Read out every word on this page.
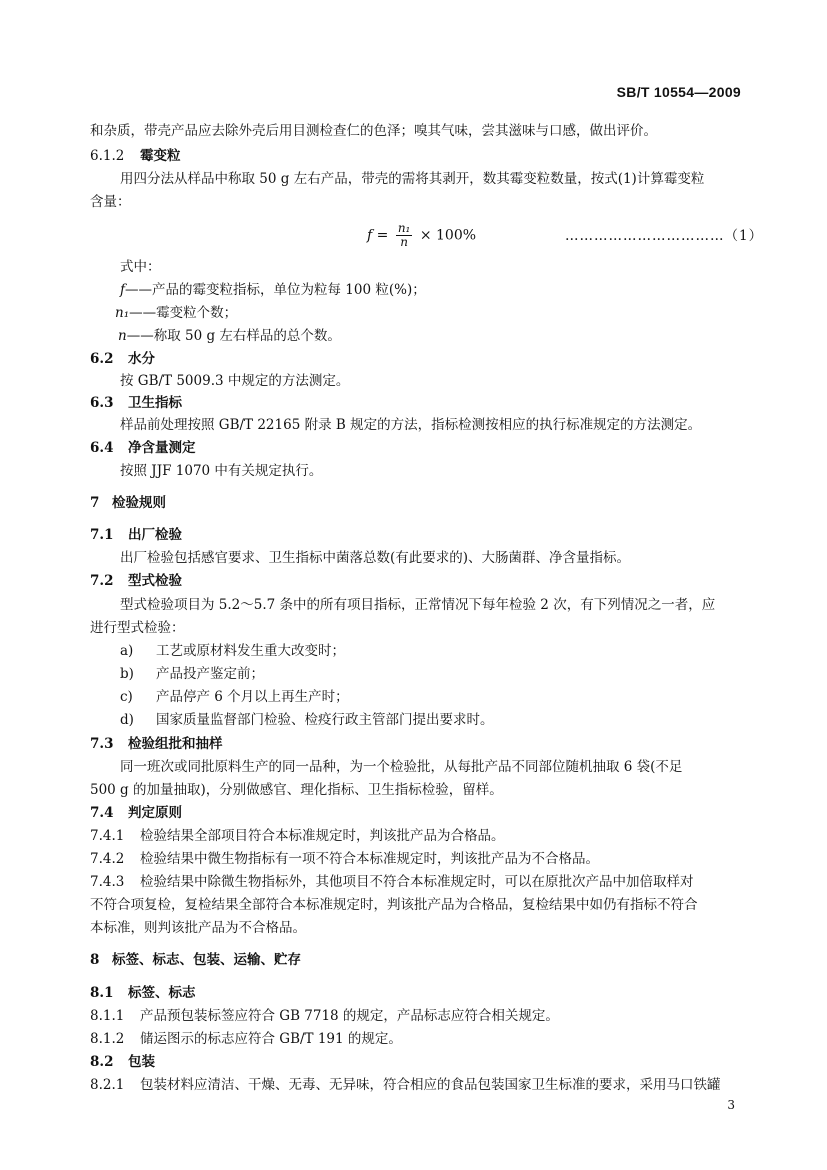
SB/T 10554—2009
和杂质，带壳产品应去除外壳后用目测检查仁的色泽；嗅其气味，尝其滋味与口感，做出评价。
6.1.2 霉变粒
用四分法从样品中称取 50 g 左右产品，带壳的需将其剥开，数其霉变粒数量，按式(1)计算霉变粒
含量：
$f = \frac{\text{n₁}}{n} \times 100\%$	……………………………（1）
式中：
f——产品的霉变粒指标，单位为粒每 100 粒(%)；
n₁——霉变粒个数；
n——称取 50 g 左右样品的总个数。
6.2 水分
按 GB/T 5009.3 中规定的方法测定。
6.3 卫生指标
样品前处理按照 GB/T 22165 附录 B 规定的方法，指标检测按相应的执行标准规定的方法测定。
6.4 净含量测定
按照 JJF 1070 中有关规定执行。
7 检验规则
7.1 出厂检验
出厂检验包括感官要求、卫生指标中菌落总数(有此要求的)、大肠菌群、净含量指标。
7.2 型式检验
型式检验项目为 5.2～5.7 条中的所有项目指标，正常情况下每年检验 2 次，有下列情况之一者，应
进行型式检验：
a) 工艺或原材料发生重大改变时；
b) 产品投产鉴定前；
c) 产品停产 6 个月以上再生产时；
d) 国家质量监督部门检验、检疫行政主管部门提出要求时。
7.3 检验组批和抽样
同一班次或同批原料生产的同一品种，为一个检验批，从每批产品不同部位随机抽取 6 袋(不足
500 g 的加量抽取)，分别做感官、理化指标、卫生指标检验，留样。
7.4 判定原则
7.4.1 检验结果全部项目符合本标准规定时，判该批产品为合格品。
7.4.2 检验结果中微生物指标有一项不符合本标准规定时，判该批产品为不合格品。
7.4.3 检验结果中除微生物指标外，其他项目不符合本标准规定时，可以在原批次产品中加倍取样对
不符合项复检，复检结果全部符合本标准规定时，判该批产品为合格品，复检结果中如仍有指标不符合
本标准，则判该批产品为不合格品。
8 标签、标志、包装、运输、贮存
8.1 标签、标志
8.1.1 产品预包装标签应符合 GB 7718 的规定，产品标志应符合相关规定。
8.1.2 储运图示的标志应符合 GB/T 191 的规定。
8.2 包装
8.2.1 包装材料应清洁、干燥、无毒、无异味，符合相应的食品包装国家卫生标准的要求，采用马口铁罐
3
